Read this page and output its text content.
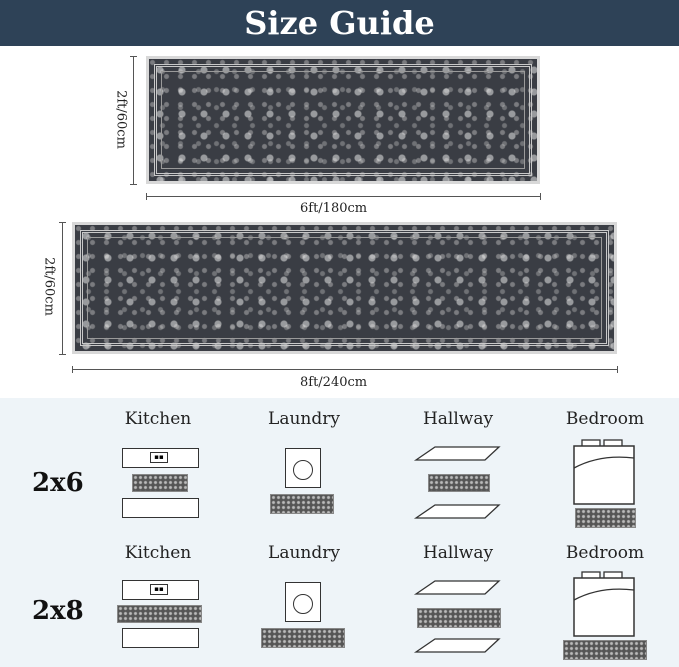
Size Guide
2ft/60cm
6ft/180cm
2ft/60cm
8ft/240cm
Kitchen	Laundry	Hallway	Bedroom
2x6
▪▪
Kitchen	Laundry	Hallway	Bedroom
2x8
▪▪
